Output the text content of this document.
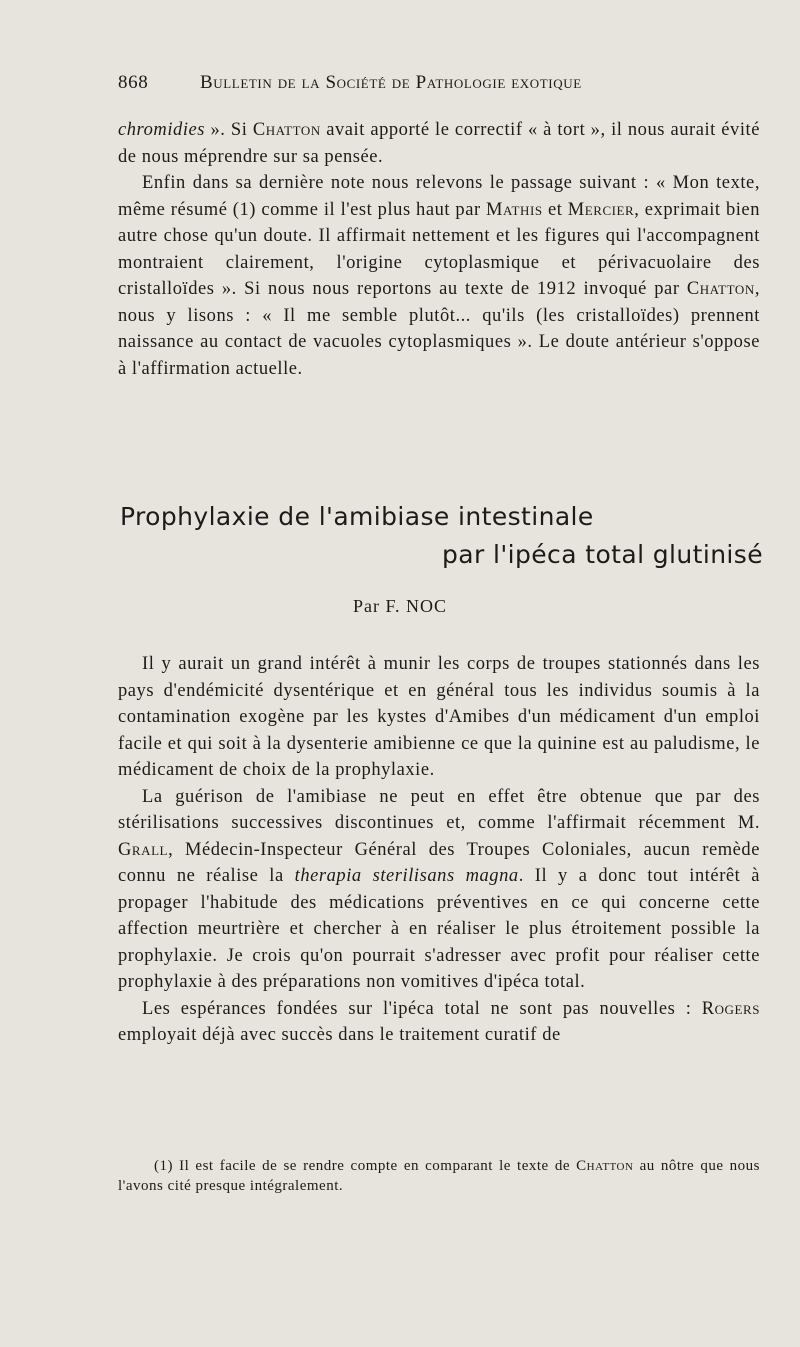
868	Bulletin de la Société de Pathologie exotique

chromidies ». Si Chatton avait apporté le correctif « à tort », il nous aurait évité de nous méprendre sur sa pensée.

Enfin dans sa dernière note nous relevons le passage suivant : « Mon texte, même résumé (1) comme il l'est plus haut par Mathis et Mercier, exprimait bien autre chose qu'un doute. Il affirmait nettement et les figures qui l'accompagnent montraient clairement, l'origine cytoplasmique et périvacuolaire des cristalloïdes ». Si nous nous reportons au texte de 1912 invoqué par Chatton, nous y lisons : « Il me semble plutôt... qu'ils (les cristalloïdes) prennent naissance au contact de vacuoles cytoplasmiques ». Le doute antérieur s'oppose à l'affirmation actuelle.

Prophylaxie de l'amibiase intestinale
par l'ipéca total glutinisé
Par F. NOC

Il y aurait un grand intérêt à munir les corps de troupes stationnés dans les pays d'endémicité dysentérique et en général tous les individus soumis à la contamination exogène par les kystes d'Amibes d'un médicament d'un emploi facile et qui soit à la dysenterie amibienne ce que la quinine est au paludisme, le médicament de choix de la prophylaxie.

La guérison de l'amibiase ne peut en effet être obtenue que par des stérilisations successives discontinues et, comme l'affirmait récemment M. Grall, Médecin-Inspecteur Général des Troupes Coloniales, aucun remède connu ne réalise la therapia sterilisans magna. Il y a donc tout intérêt à propager l'habitude des médications préventives en ce qui concerne cette affection meurtrière et chercher à en réaliser le plus étroitement possible la prophylaxie. Je crois qu'on pourrait s'adresser avec profit pour réaliser cette prophylaxie à des préparations non vomitives d'ipéca total.

Les espérances fondées sur l'ipéca total ne sont pas nouvelles : Rogers employait déjà avec succès dans le traitement curatif de

(1) Il est facile de se rendre compte en comparant le texte de Chatton au nôtre que nous l'avons cité presque intégralement.
